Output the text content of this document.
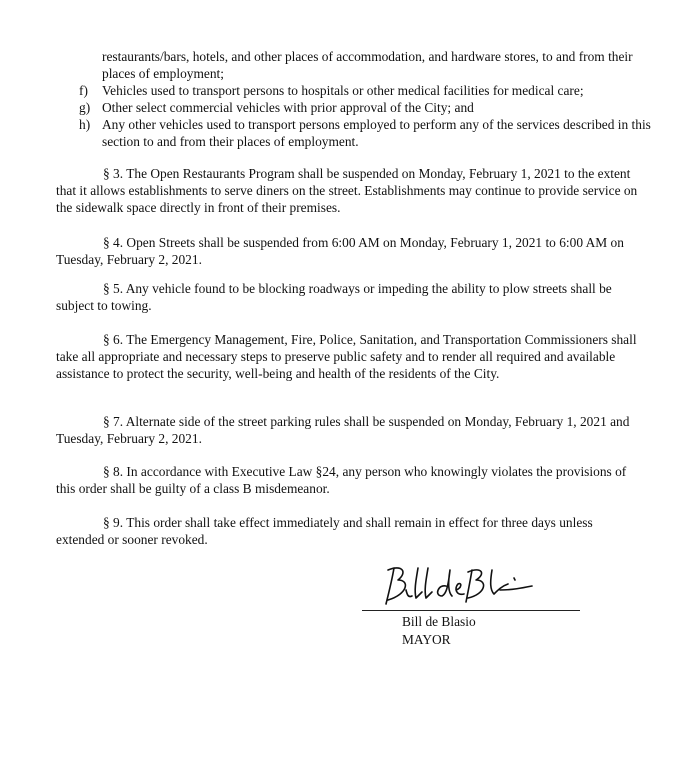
restaurants/bars, hotels, and other places of accommodation, and hardware stores, to and from their places of employment;

f)	Vehicles used to transport persons to hospitals or other medical facilities for medical care;
g) Other select commercial vehicles with prior approval of the City; and
h) Any other vehicles used to transport persons employed to perform any of the services described in this section to and from their places of employment.

§ 3. The Open Restaurants Program shall be suspended on Monday, February 1, 2021 to the extent that it allows establishments to serve diners on the street. Establishments may continue to provide service on the sidewalk space directly in front of their premises.

§ 4. Open Streets shall be suspended from 6:00 AM on Monday, February 1, 2021 to 6:00 AM on Tuesday, February 2, 2021.

§ 5. Any vehicle found to be blocking roadways or impeding the ability to plow streets shall be subject to towing.

§ 6. The Emergency Management, Fire, Police, Sanitation, and Transportation Commissioners shall take all appropriate and necessary steps to preserve public safety and to render all required and available assistance to protect the security, well-being and health of the residents of the City.

§ 7. Alternate side of the street parking rules shall be suspended on Monday, February 1, 2021 and Tuesday, February 2, 2021.

§ 8. In accordance with Executive Law §24, any person who knowingly violates the provisions of this order shall be guilty of a class B misdemeanor.

§ 9. This order shall take effect immediately and shall remain in effect for three days unless extended or sooner revoked.

Bill de Blasio
MAYOR
